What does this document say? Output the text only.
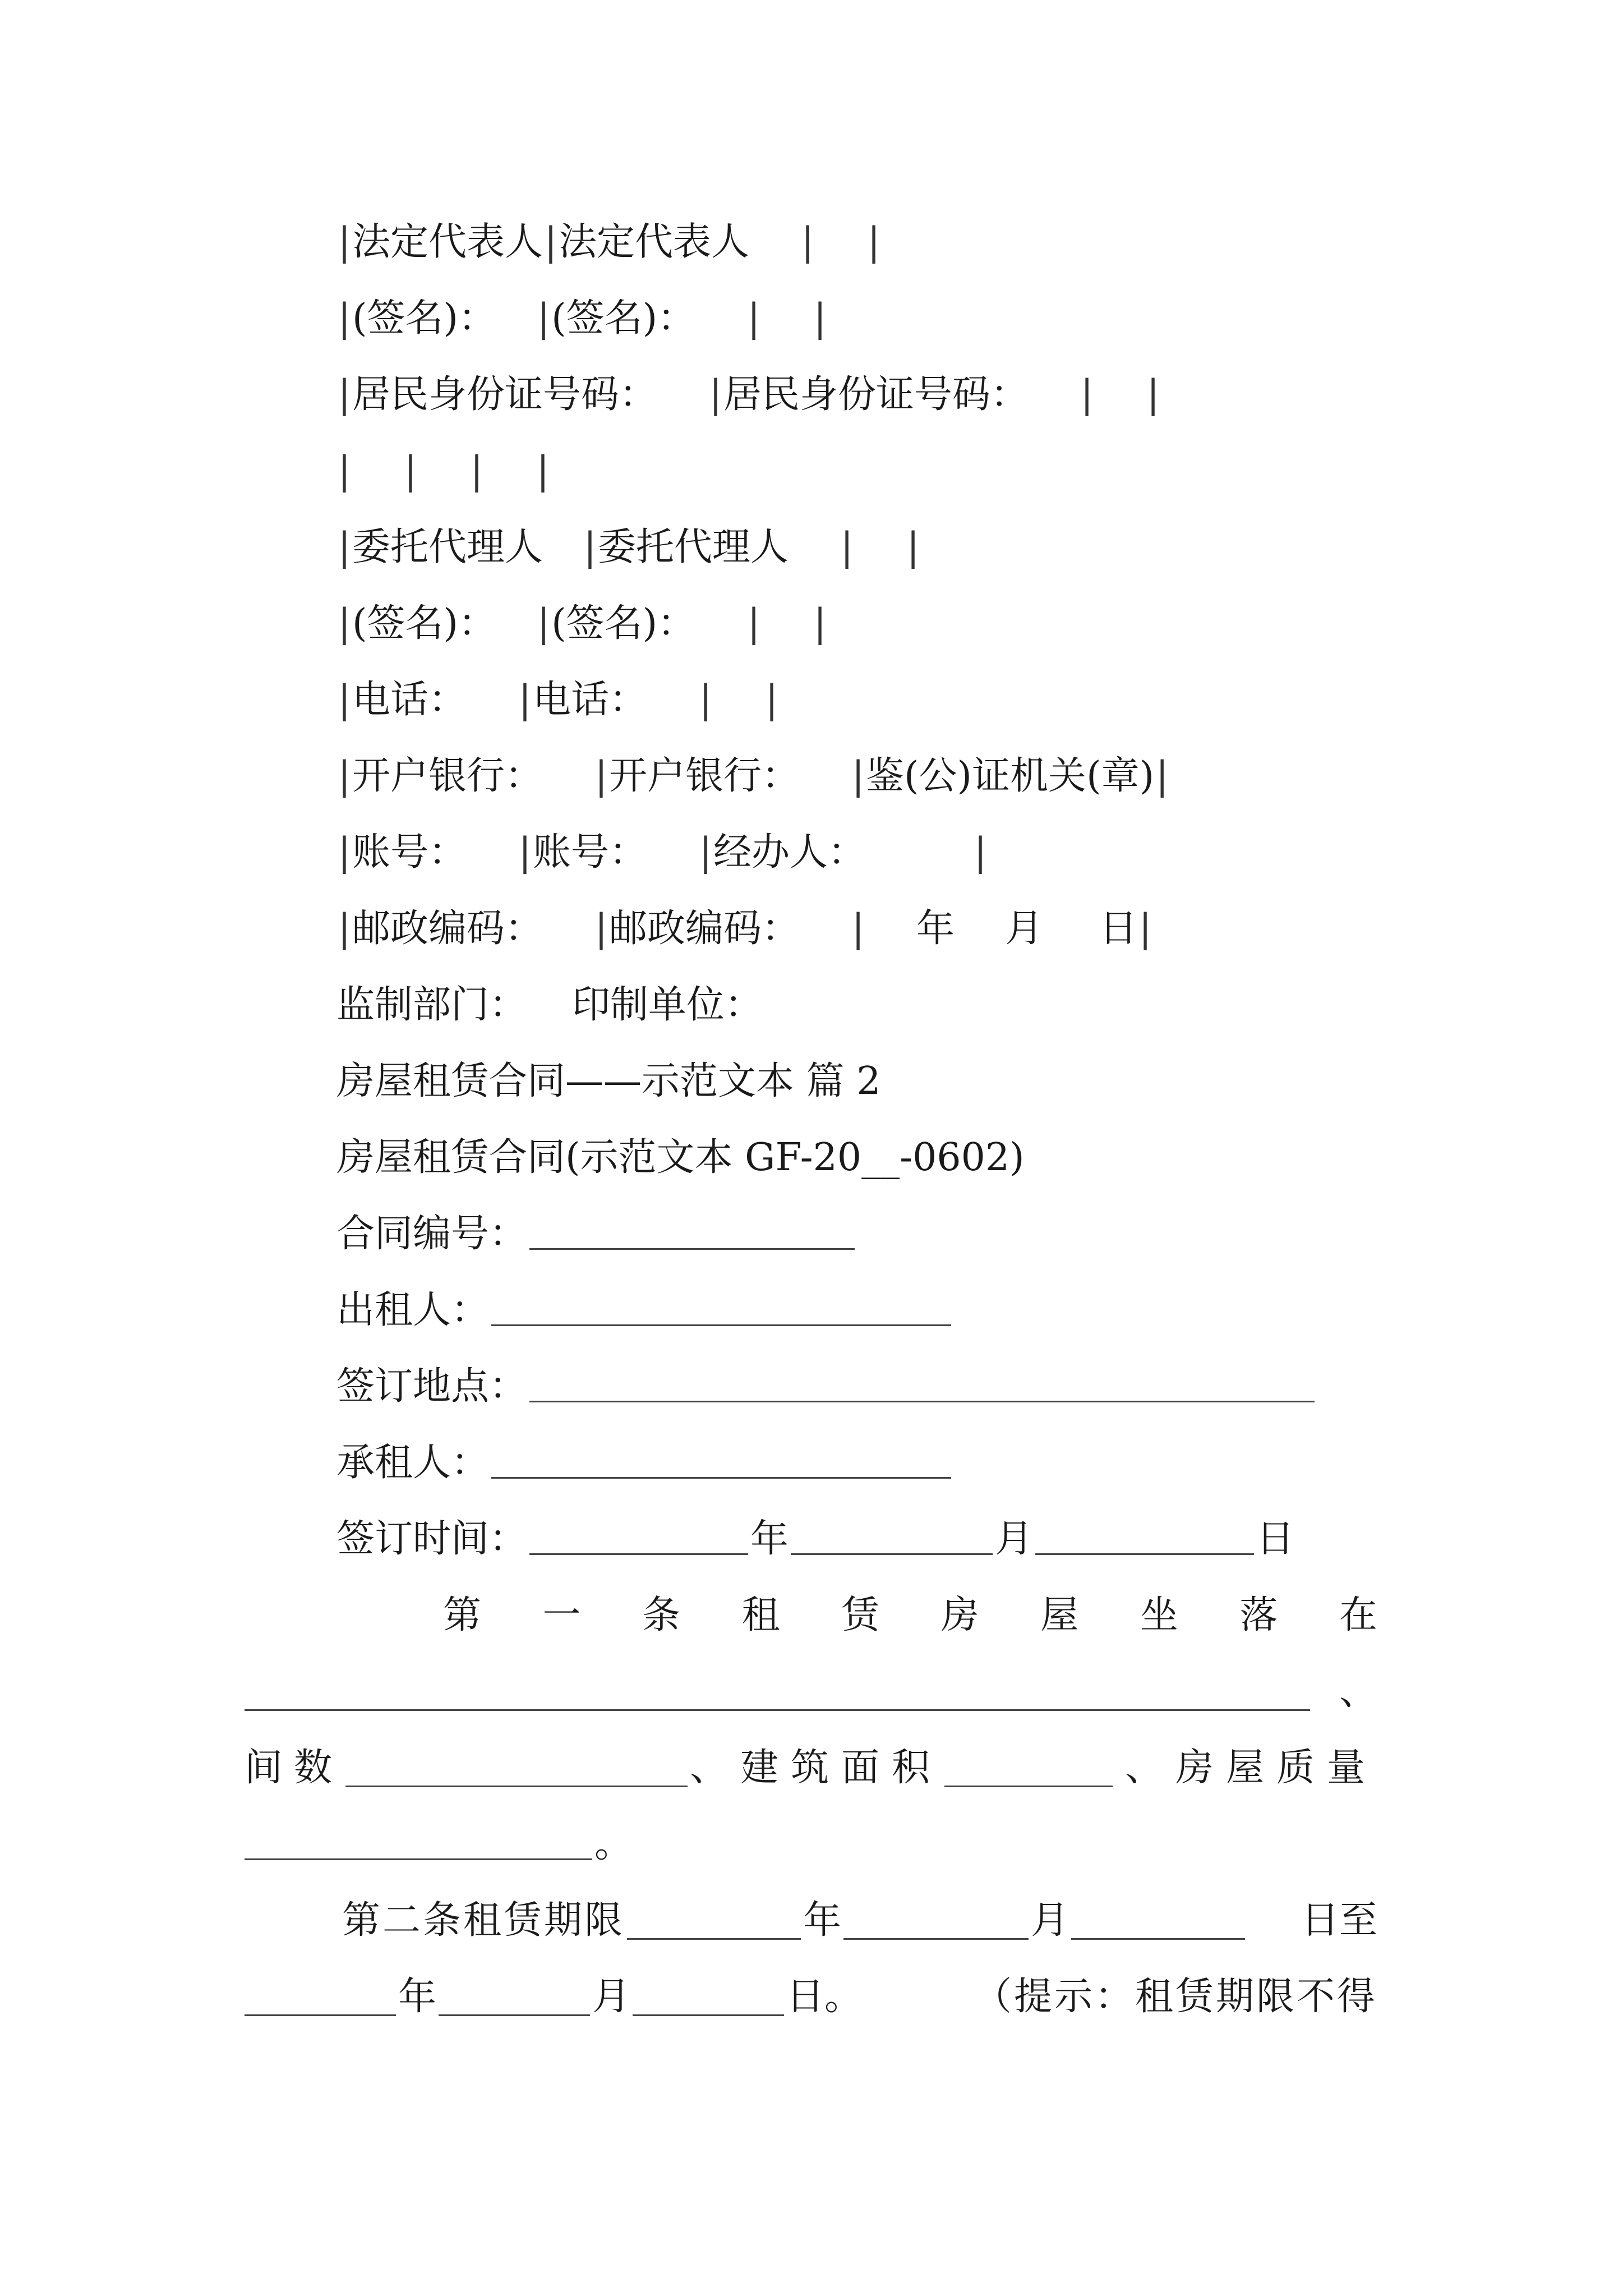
|法定代表人|法定代表人 | |
|(签名)： |(签名)： | |
|居民身份证号码： |居民身份证号码： | |
| | | |
|委托代理人 |委托代理人 | |
|(签名)： |(签名)： | |
|电话： |电话： | |
|开户银行： |开户银行： |鉴(公)证机关(章)|
|账号： |账号： |经办人：	|
|邮政编码： |邮政编码： | 年 月 日|
监制部门： 印制单位：
房屋租赁合同——示范文本 篇 2
房屋租赁合同(示范文本 GF-20__-0602)
合同编号：
出租人：
签订地点：
承租人：
签订时间：	年	月	日
第 一 条 租 赁 房 屋 坐 落 在
、
间数	、建筑面积	、房屋质量
。
第二条租赁期限	年	月	日至
年	月	日。	（提示：租赁期限不得
